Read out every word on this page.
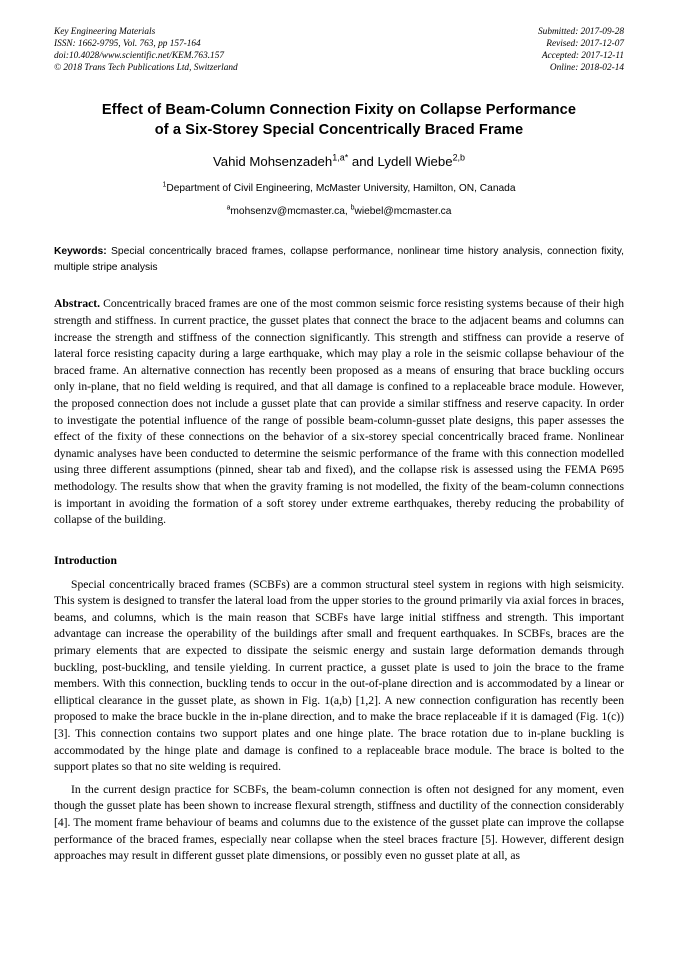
Key Engineering Materials
ISSN: 1662-9795, Vol. 763, pp 157-164
doi:10.4028/www.scientific.net/KEM.763.157
© 2018 Trans Tech Publications Ltd, Switzerland
Submitted: 2017-09-28
Revised: 2017-12-07
Accepted: 2017-12-11
Online: 2018-02-14
Effect of Beam-Column Connection Fixity on Collapse Performance
of a Six-Storey Special Concentrically Braced Frame
Vahid Mohsenzadeh$^{1,a*}$ and Lydell Wiebe$^{2,b}$
$^1$Department of Civil Engineering, McMaster University, Hamilton, ON, Canada
$^a$mohsenzv@mcmaster.ca, $^b$wiebel@mcmaster.ca
Keywords: Special concentrically braced frames, collapse performance, nonlinear time history analysis, connection fixity, multiple stripe analysis
Abstract. Concentrically braced frames are one of the most common seismic force resisting systems because of their high strength and stiffness. In current practice, the gusset plates that connect the brace to the adjacent beams and columns can increase the strength and stiffness of the connection significantly. This strength and stiffness can provide a reserve of lateral force resisting capacity during a large earthquake, which may play a role in the seismic collapse behaviour of the braced frame. An alternative connection has recently been proposed as a means of ensuring that brace buckling occurs only in-plane, that no field welding is required, and that all damage is confined to a replaceable brace module. However, the proposed connection does not include a gusset plate that can provide a similar stiffness and reserve capacity. In order to investigate the potential influence of the range of possible beam-column-gusset plate designs, this paper assesses the effect of the fixity of these connections on the behavior of a six-storey special concentrically braced frame. Nonlinear dynamic analyses have been conducted to determine the seismic performance of the frame with this connection modelled using three different assumptions (pinned, shear tab and fixed), and the collapse risk is assessed using the FEMA P695 methodology. The results show that when the gravity framing is not modelled, the fixity of the beam-column connections is important in avoiding the formation of a soft storey under extreme earthquakes, thereby reducing the probability of collapse of the building.
Introduction
Special concentrically braced frames (SCBFs) are a common structural steel system in regions with high seismicity. This system is designed to transfer the lateral load from the upper stories to the ground primarily via axial forces in braces, beams, and columns, which is the main reason that SCBFs have large initial stiffness and strength. This important advantage can increase the operability of the buildings after small and frequent earthquakes. In SCBFs, braces are the primary elements that are expected to dissipate the seismic energy and sustain large deformation demands through buckling, post-buckling, and tensile yielding. In current practice, a gusset plate is used to join the brace to the frame members. With this connection, buckling tends to occur in the out-of-plane direction and is accommodated by a linear or elliptical clearance in the gusset plate, as shown in Fig. 1(a,b) [1,2]. A new connection configuration has recently been proposed to make the brace buckle in the in-plane direction, and to make the brace replaceable if it is damaged (Fig. 1(c)) [3]. This connection contains two support plates and one hinge plate. The brace rotation due to in-plane buckling is accommodated by the hinge plate and damage is confined to a replaceable brace module. The brace is bolted to the support plates so that no site welding is required.
In the current design practice for SCBFs, the beam-column connection is often not designed for any moment, even though the gusset plate has been shown to increase flexural strength, stiffness and ductility of the connection considerably [4]. The moment frame behaviour of beams and columns due to the existence of the gusset plate can improve the collapse performance of the braced frames, especially near collapse when the steel braces fracture [5]. However, different design approaches may result in different gusset plate dimensions, or possibly even no gusset plate at all, as
